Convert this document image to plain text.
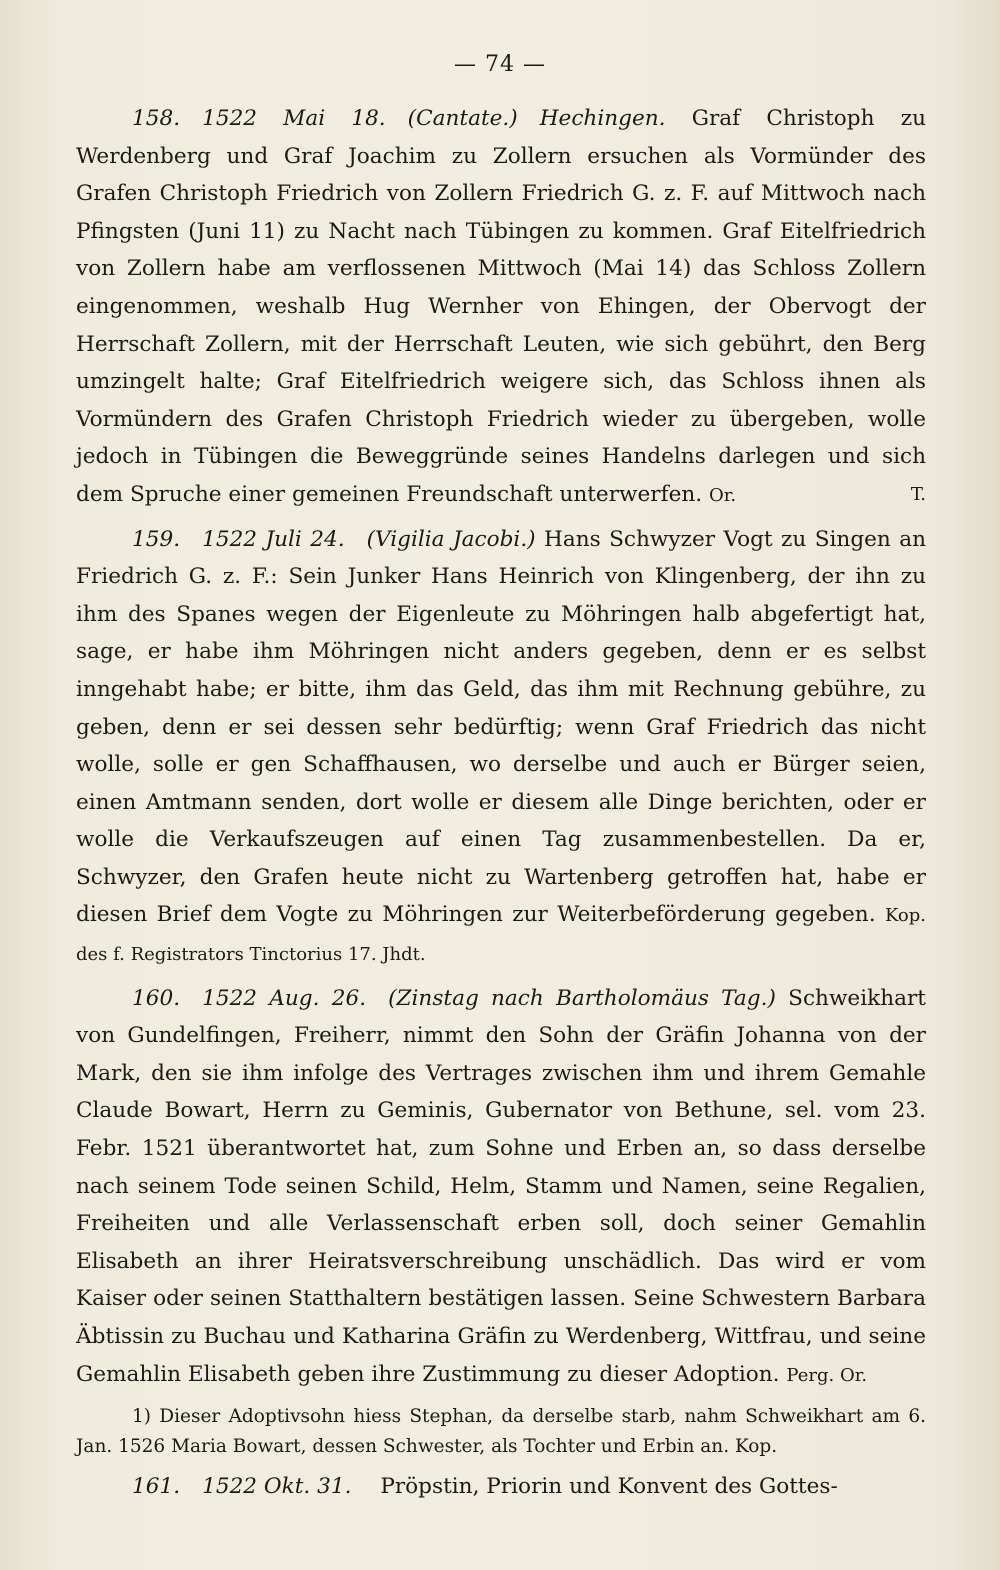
— 74 —

158. 1522 Mai 18. (Cantate.) Hechingen. Graf Christoph zu Werdenberg und Graf Joachim zu Zollern ersuchen als Vormünder des Grafen Christoph Friedrich von Zollern Friedrich G. z. F. auf Mittwoch nach Pfingsten (Juni 11) zu Nacht nach Tübingen zu kommen. Graf Eitelfriedrich von Zollern habe am verflossenen Mittwoch (Mai 14) das Schloss Zollern eingenommen, weshalb Hug Wernher von Ehingen, der Obervogt der Herrschaft Zollern, mit der Herrschaft Leuten, wie sich gebührt, den Berg umzingelt halte; Graf Eitelfriedrich weigere sich, das Schloss ihnen als Vormündern des Grafen Christoph Friedrich wieder zu übergeben, wolle jedoch in Tübingen die Beweggründe seines Handelns darlegen und sich dem Spruche einer gemeinen Freundschaft unterwerfen. Or.	T.

159. 1522 Juli 24. (Vigilia Jacobi.) Hans Schwyzer Vogt zu Singen an Friedrich G. z. F.: Sein Junker Hans Heinrich von Klingenberg, der ihn zu ihm des Spanes wegen der Eigenleute zu Möhringen halb abgefertigt hat, sage, er habe ihm Möhringen nicht anders gegeben, denn er es selbst inngehabt habe; er bitte, ihm das Geld, das ihm mit Rechnung gebühre, zu geben, denn er sei dessen sehr bedürftig; wenn Graf Friedrich das nicht wolle, solle er gen Schaffhausen, wo derselbe und auch er Bürger seien, einen Amtmann senden, dort wolle er diesem alle Dinge berichten, oder er wolle die Verkaufszeugen auf einen Tag zusammenbestellen. Da er, Schwyzer, den Grafen heute nicht zu Wartenberg getroffen hat, habe er diesen Brief dem Vogte zu Möhringen zur Weiterbeförderung gegeben. Kop. des f. Registrators Tinctorius 17. Jhdt.

160. 1522 Aug. 26. (Zinstag nach Bartholomäus Tag.) Schweikhart von Gundelfingen, Freiherr, nimmt den Sohn der Gräfin Johanna von der Mark, den sie ihm infolge des Vertrages zwischen ihm und ihrem Gemahle Claude Bowart, Herrn zu Geminis, Gubernator von Bethune, sel. vom 23. Febr. 1521 überantwortet hat, zum Sohne und Erben an, so dass derselbe nach seinem Tode seinen Schild, Helm, Stamm und Namen, seine Regalien, Freiheiten und alle Verlassenschaft erben soll, doch seiner Gemahlin Elisabeth an ihrer Heiratsverschreibung unschädlich. Das wird er vom Kaiser oder seinen Statthaltern bestätigen lassen. Seine Schwestern Barbara Äbtissin zu Buchau und Katharina Gräfin zu Werdenberg, Wittfrau, und seine Gemahlin Elisabeth geben ihre Zustimmung zu dieser Adoption. Perg. Or.

1) Dieser Adoptivsohn hiess Stephan, da derselbe starb, nahm Schweikhart am 6. Jan. 1526 Maria Bowart, dessen Schwester, als Tochter und Erbin an. Kop.

161. 1522 Okt. 31. Pröpstin, Priorin und Konvent des Gottes-
